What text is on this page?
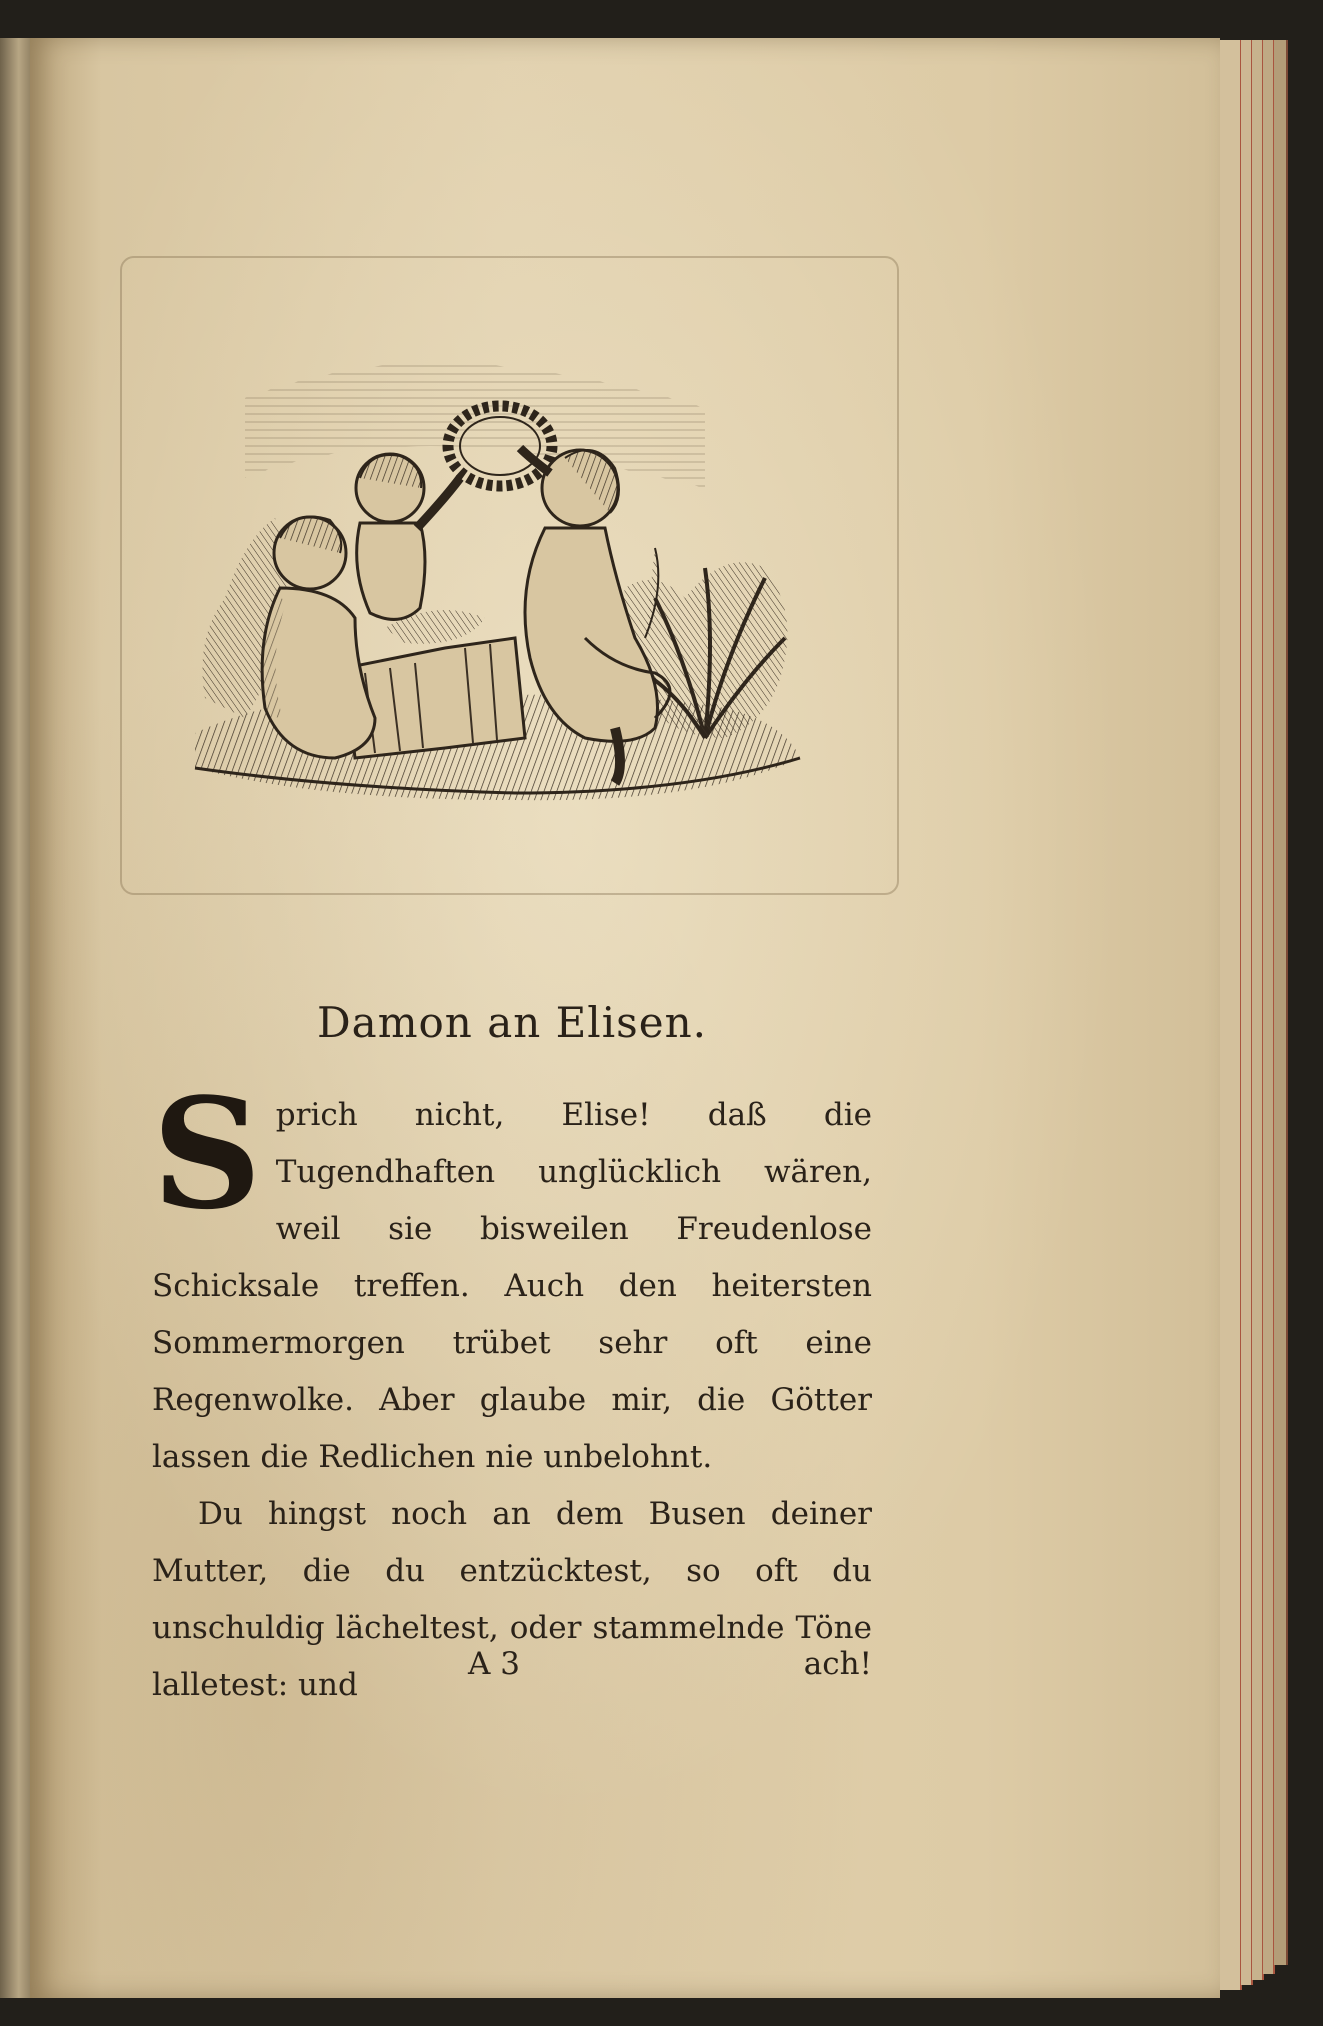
Damon an Elisen.

Sprich nicht, Elise! daß die Tugendhaften unglücklich wären, weil sie bisweilen Freudenlose Schicksale treffen. Auch den heitersten Sommermorgen trübet sehr oft eine Regenwolke. Aber glaube mir, die Götter lassen die Redlichen nie unbelohnt.

Du hingst noch an dem Busen deiner Mutter, die du entzücktest, so oft du unschuldig lächeltest, oder stammelnde Töne lalletest: und

A 3	ach!
